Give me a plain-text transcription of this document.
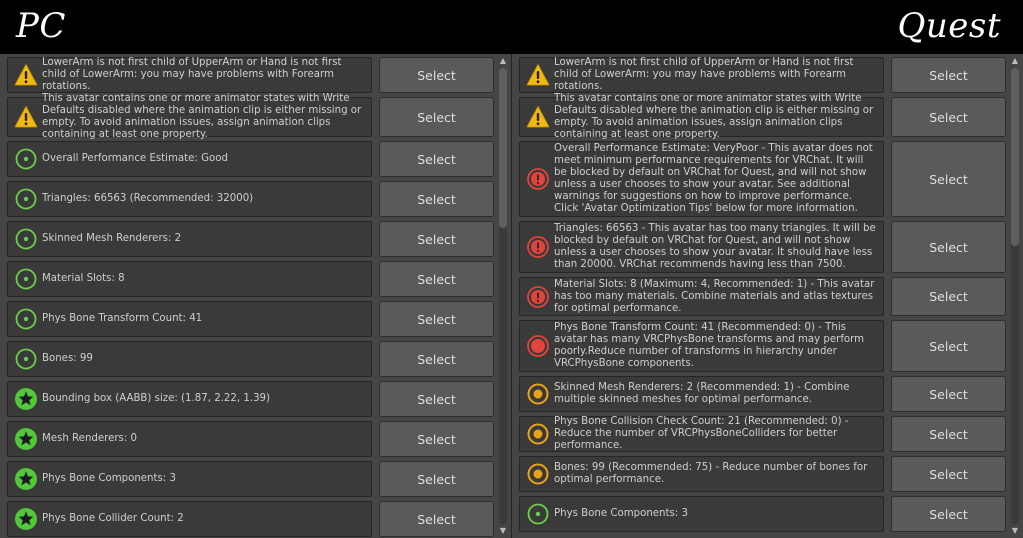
PC	Quest
LowerArm is not first child of UpperArm or Hand is not first child of LowerArm: you may have problems with Forearm rotations.
Select
This avatar contains one or more animator states with Write Defaults disabled where the animation clip is either missing or empty. To avoid animation issues, assign animation clips containing at least one property.
Select
Overall Performance Estimate: Good	Select
Triangles: 66563 (Recommended: 32000)	Select
Skinned Mesh Renderers: 2	Select
Material Slots: 8	Select
Phys Bone Transform Count: 41	Select
Bones: 99	Select
Bounding box (AABB) size: (1.87, 2.22, 1.39)	Select
Mesh Renderers: 0	Select
Phys Bone Components: 3	Select
Phys Bone Collider Count: 2	Select
▲
▼
LowerArm is not first child of UpperArm or Hand is not first child of LowerArm: you may have problems with Forearm rotations.
Select
This avatar contains one or more animator states with Write Defaults disabled where the animation clip is either missing or empty. To avoid animation issues, assign animation clips containing at least one property.
Select
Overall Performance Estimate: VeryPoor - This avatar does not meet minimum performance requirements for VRChat. It will be blocked by default on VRChat for Quest, and will not show unless a user chooses to show your avatar. See additional warnings for suggestions on how to improve performance. Click 'Avatar Optimization Tips' below for more information.
Select
Triangles: 66563 - This avatar has too many triangles. It will be blocked by default on VRChat for Quest, and will not show unless a user chooses to show your avatar. It should have less than 20000. VRChat recommends having less than 7500.
Select
Material Slots: 8 (Maximum: 4, Recommended: 1) - This avatar has too many materials. Combine materials and atlas textures for optimal performance.
Select
Phys Bone Transform Count: 41 (Recommended: 0) - This avatar has many VRCPhysBone transforms and may perform poorly.Reduce number of transforms in hierarchy under VRCPhysBone components.
Select
Skinned Mesh Renderers: 2 (Recommended: 1) - Combine multiple skinned meshes for optimal performance.	Select
Phys Bone Collision Check Count: 21 (Recommended: 0) - Reduce the number of VRCPhysBoneColliders for better performance.
Select
Bones: 99 (Recommended: 75) - Reduce number of bones for optimal performance.	Select
Phys Bone Components: 3	Select
▲
▼
